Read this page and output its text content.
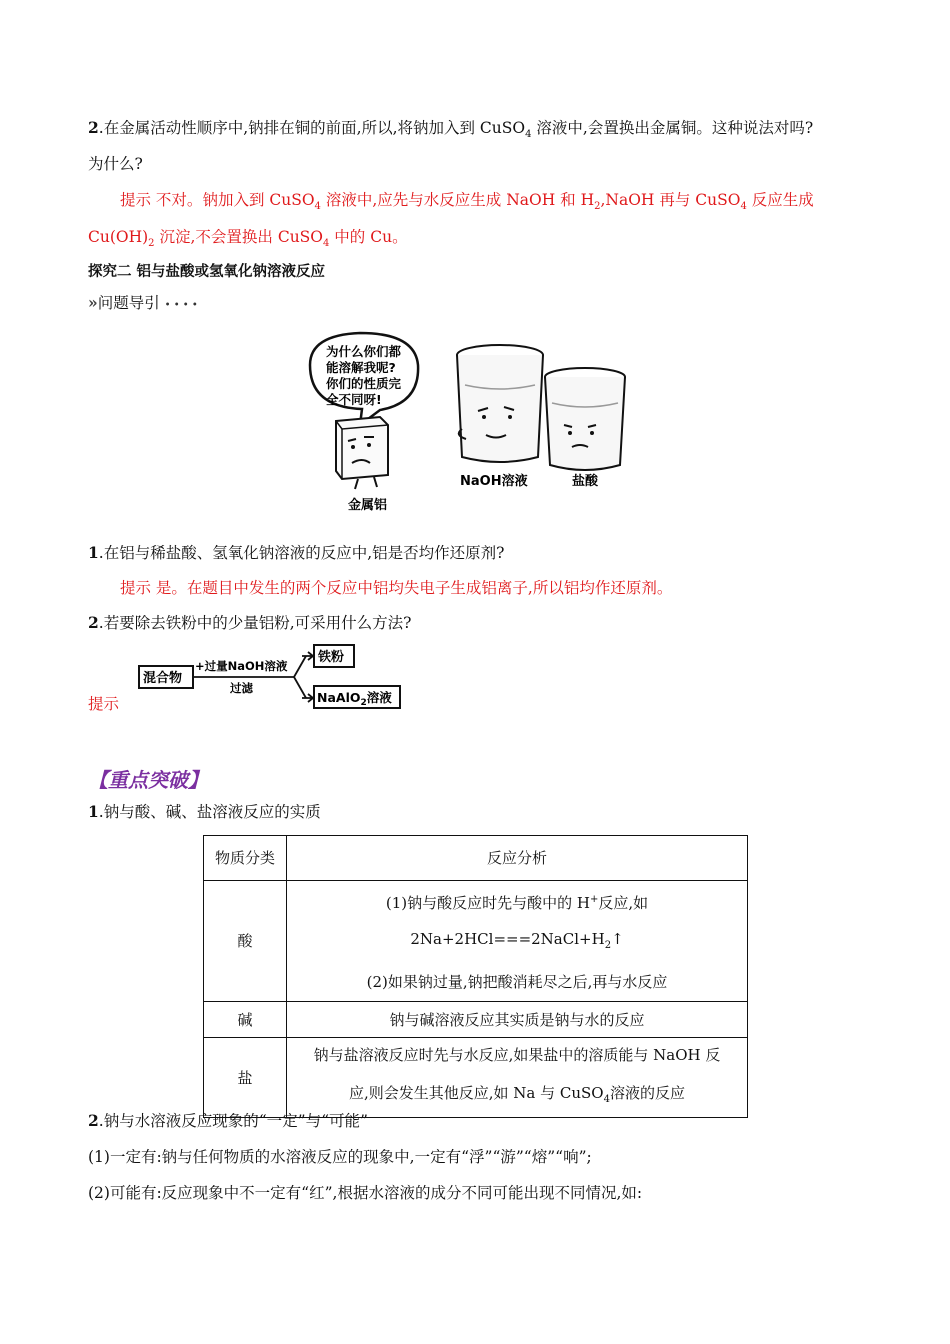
2.在金属活动性顺序中,钠排在铜的前面,所以,将钠加入到 CuSO$_4$ 溶液中,会置换出金属铜。这种说法对吗?
为什么?
提示 不对。钠加入到 CuSO$_4$ 溶液中,应先与水反应生成 NaOH 和 $H_2,NaOH$ 再与 CuSO$_4$ 反应生成
$Cu(OH)_2$ 沉淀,不会置换出 CuSO$_4$ 中的 Cu。
探究二 铝与盐酸或氢氧化钠溶液反应
»问题导引 • • • •
为什么你们都
能溶解我呢?
你们的性质完
全不同呀!
金属铝
NaOH溶液	盐酸
1.在铝与稀盐酸、氢氧化钠溶液的反应中,铝是否均作还原剂?
提示 是。在题目中发生的两个反应中铝均失电子生成铝离子,所以铝均作还原剂。
2.若要除去铁粉中的少量铝粉,可采用什么方法?
混合物
+过量NaOH溶液
过滤
铁粉
NaAlO$_2$溶液
提示
【重点突破】
1.钠与酸、碱、盐溶液反应的实质
物质分类	反应分析
酸	(1)钠与酸反应时先与酸中的 H+反应,如
$2Na+2HCl===2NaCl+H_2↑$
(2)如果钠过量,钠把酸消耗尽之后,再与水反应

碱	钠与碱溶液反应其实质是钠与水的反应
盐	钠与盐溶液反应时先与水反应,如果盐中的溶质能与 NaOH 反
应,则会发生其他反应,如 Na 与 CuSO$_4$溶液的反应
2.钠与水溶液反应现象的“一定”与“可能”
(1)一定有:钠与任何物质的水溶液反应的现象中,一定有“浮”“游”“熔”“响”;
(2)可能有:反应现象中不一定有“红”,根据水溶液的成分不同可能出现不同情况,如:
